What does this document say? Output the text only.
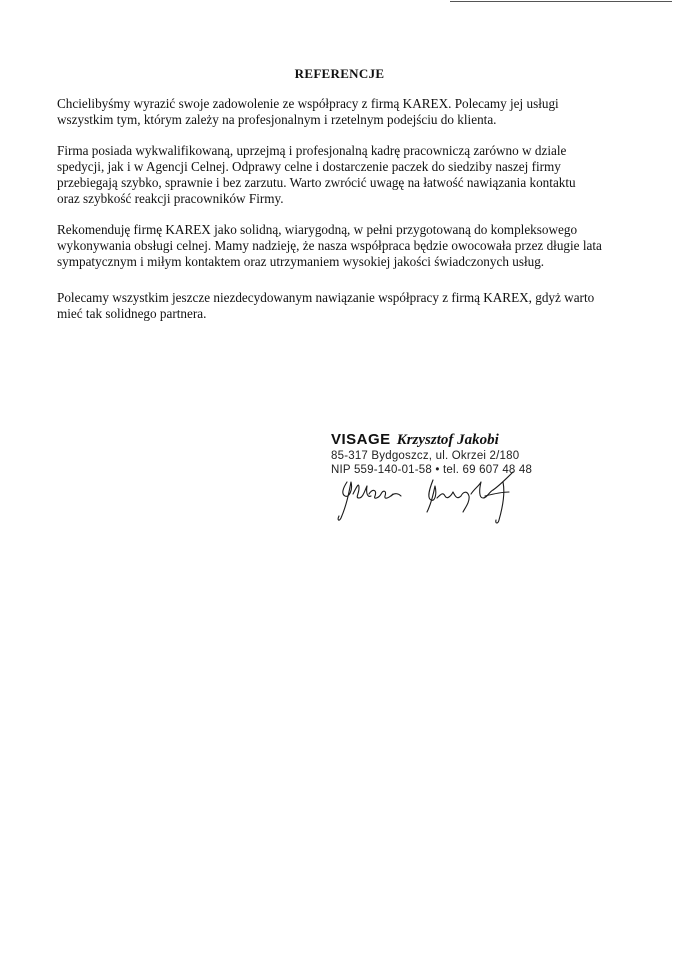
REFERENCJE
Chcielibyśmy wyrazić swoje zadowolenie ze współpracy z firmą KAREX. Polecamy jej usługi
wszystkim tym, którym zależy na profesjonalnym i rzetelnym podejściu do klienta.
Firma posiada wykwalifikowaną, uprzejmą i profesjonalną kadrę pracowniczą zarówno w dziale
spedycji, jak i w Agencji Celnej. Odprawy celne i dostarczenie paczek do siedziby naszej firmy
przebiegają szybko, sprawnie i bez zarzutu. Warto zwrócić uwagę na łatwość nawiązania kontaktu
oraz szybkość reakcji pracowników Firmy.
Rekomenduję firmę KAREX jako solidną, wiarygodną, w pełni przygotowaną do kompleksowego
wykonywania obsługi celnej. Mamy nadzieję, że nasza współpraca będzie owocowała przez długie lata
sympatycznym i miłym kontaktem oraz utrzymaniem wysokiej jakości świadczonych usług.
Polecamy wszystkim jeszcze niezdecydowanym nawiązanie współpracy z firmą KAREX, gdyż warto
mieć tak solidnego partnera.
VISAGE Krzysztof Jakobi
85-317 Bydgoszcz, ul. Okrzei 2/180
NIP 559-140-01-58 • tel. 69 607 48 48
